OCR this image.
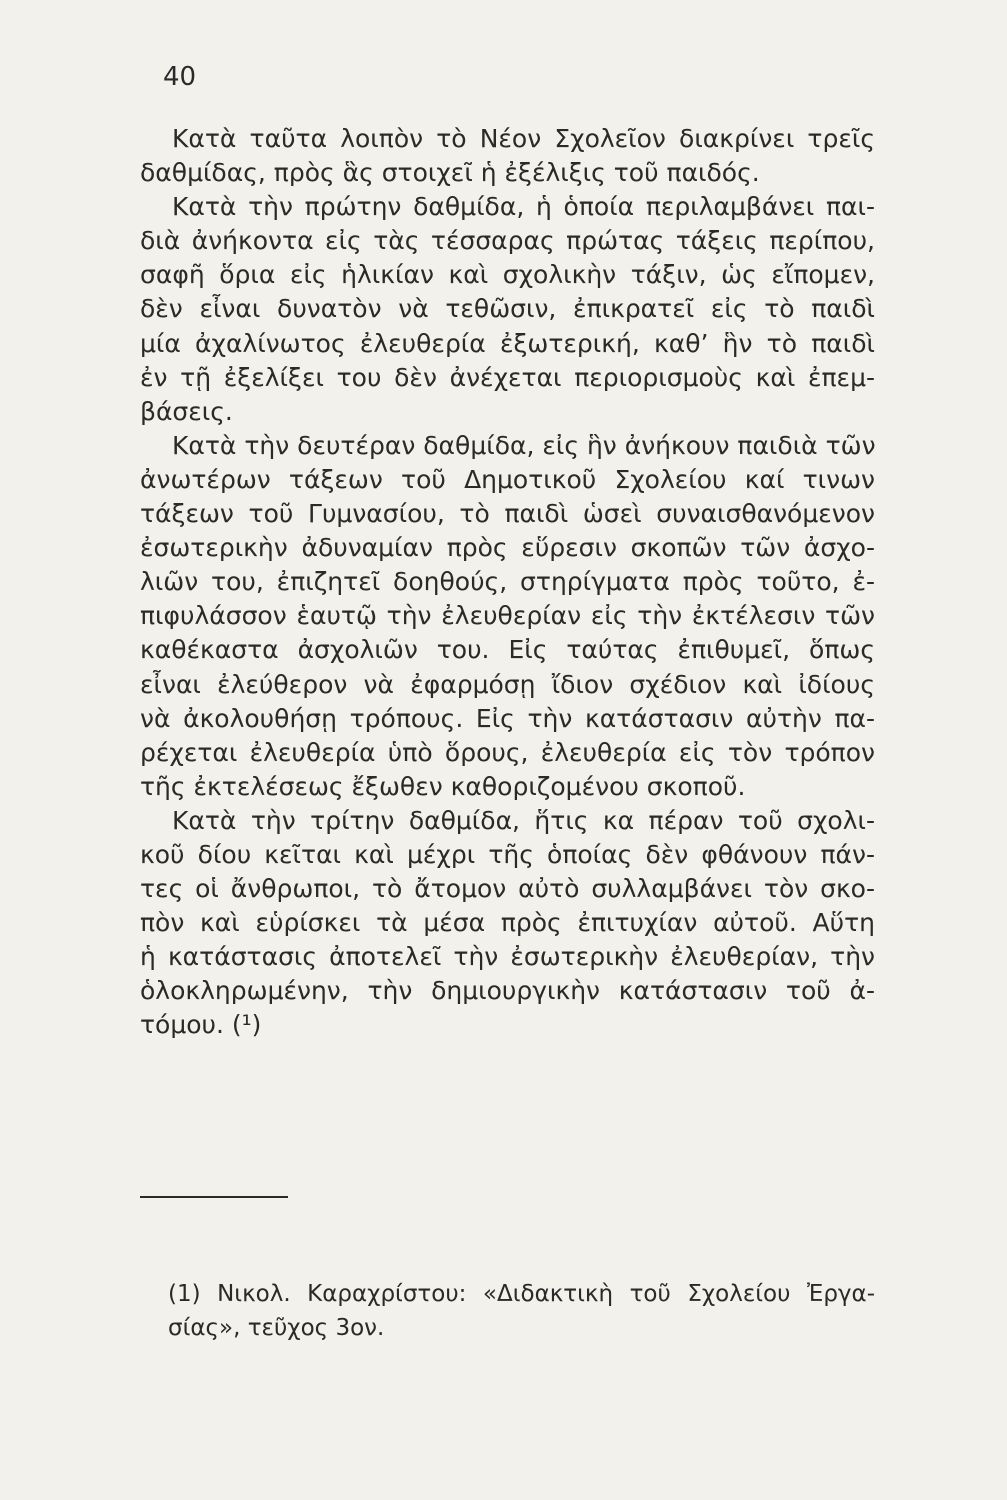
40
Κατὰ ταῦτα λοιπὸν τὸ Νέον Σχολεῖον διακρίνει τρεῖς
δαθμίδας, πρὸς ἃς στοιχεῖ ἡ ἐξέλιξις τοῦ παιδός.
Κατὰ τὴν πρώτην δαθμίδα, ἡ ὁποία περιλαμβάνει παι-
διὰ ἀνήκοντα εἰς τὰς τέσσαρας πρώτας τάξεις περίπου,
σαφῆ ὅρια εἰς ἡλικίαν καὶ σχολικὴν τάξιν, ὡς εἴπομεν,
δὲν εἶναι δυνατὸν νὰ τεθῶσιν, ἐπικρατεῖ εἰς τὸ παιδὶ
μία ἀχαλίνωτος ἐλευθερία ἐξωτερική, καθ’ ἣν τὸ παιδὶ
ἐν τῇ ἐξελίξει του δὲν ἀνέχεται περιορισμοὺς καὶ ἐπεμ-
βάσεις.
Κατὰ τὴν δευτέραν δαθμίδα, εἰς ἣν ἀνήκουν παιδιὰ τῶν
ἀνωτέρων τάξεων τοῦ Δημοτικοῦ Σχολείου καί τινων
τάξεων τοῦ Γυμνασίου, τὸ παιδὶ ὡσεὶ συναισθανόμενον
ἐσωτερικὴν ἀδυναμίαν πρὸς εὕρεσιν σκοπῶν τῶν ἀσχο-
λιῶν του, ἐπιζητεῖ δοηθούς, στηρίγματα πρὸς τοῦτο, ἐ-
πιφυλάσσον ἑαυτῷ τὴν ἐλευθερίαν εἰς τὴν ἐκτέλεσιν τῶν
καθέκαστα ἀσχολιῶν του. Εἰς ταύτας ἐπιθυμεῖ, ὅπως
εἶναι ἐλεύθερον νὰ ἐφαρμόσῃ ἴδιον σχέδιον καὶ ἰδίους
νὰ ἀκολουθήσῃ τρόπους. Εἰς τὴν κατάστασιν αὐτὴν πα-
ρέχεται ἐλευθερία ὑπὸ ὅρους, ἐλευθερία εἰς τὸν τρόπον
τῆς ἐκτελέσεως ἔξωθεν καθοριζομένου σκοποῦ.
Κατὰ τὴν τρίτην δαθμίδα, ἥτις κα πέραν τοῦ σχολι-
κοῦ δίου κεῖται καὶ μέχρι τῆς ὁποίας δὲν φθάνουν πάν-
τες οἱ ἄνθρωποι, τὸ ἄτομον αὐτὸ συλλαμβάνει τὸν σκο-
πὸν καὶ εὑρίσκει τὰ μέσα πρὸς ἐπιτυχίαν αὐτοῦ. Αὕτη
ἡ κατάστασις ἀποτελεῖ τὴν ἐσωτερικὴν ἐλευθερίαν, τὴν
ὁλοκληρωμένην, τὴν δημιουργικὴν κατάστασιν τοῦ ἀ-
τόμου. (¹)
(1) Νικολ. Καραχρίστου: «Διδακτικὴ τοῦ Σχολείου Ἐργα-
σίας», τεῦχος 3ον.
